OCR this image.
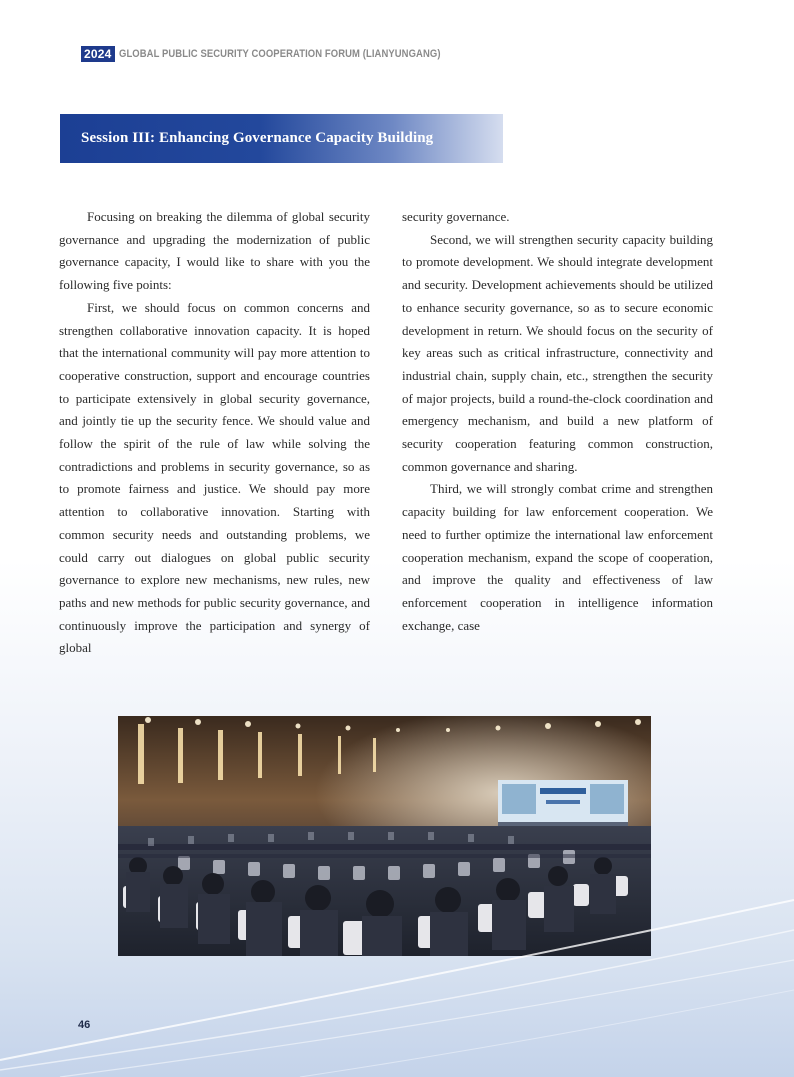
2024 GLOBAL PUBLIC SECURITY COOPERATION FORUM (LIANYUNGANG)
Session III: Enhancing Governance Capacity Building

Focusing on breaking the dilemma of global security governance and upgrading the modernization of public governance capacity, I would like to share with you the following five points:

First, we should focus on common concerns and strengthen collaborative innovation capacity. It is hoped that the international community will pay more attention to cooperative construction, support and encourage countries to participate extensively in global security governance, and jointly tie up the security fence. We should value and follow the spirit of the rule of law while solving the contradictions and problems in security governance, so as to promote fairness and justice. We should pay more attention to collaborative innovation. Starting with common security needs and outstanding problems, we could carry out dialogues on global public security governance to explore new mechanisms, new rules, new paths and new methods for public security governance, and continuously improve the participation and synergy of global

security governance.

Second, we will strengthen security capacity building to promote development. We should integrate development and security. Development achievements should be utilized to enhance security governance, so as to secure economic development in return. We should focus on the security of key areas such as critical infrastructure, connectivity and industrial chain, supply chain, etc., strengthen the security of major projects, build a round-the-clock coordination and emergency mechanism, and build a new platform of security cooperation featuring common construction, common governance and sharing.

Third, we will strongly combat crime and strengthen capacity building for law enforcement cooperation. We need to further optimize the international law enforcement cooperation mechanism, expand the scope of cooperation, and improve the quality and effectiveness of law enforcement cooperation in intelligence information exchange, case

46
